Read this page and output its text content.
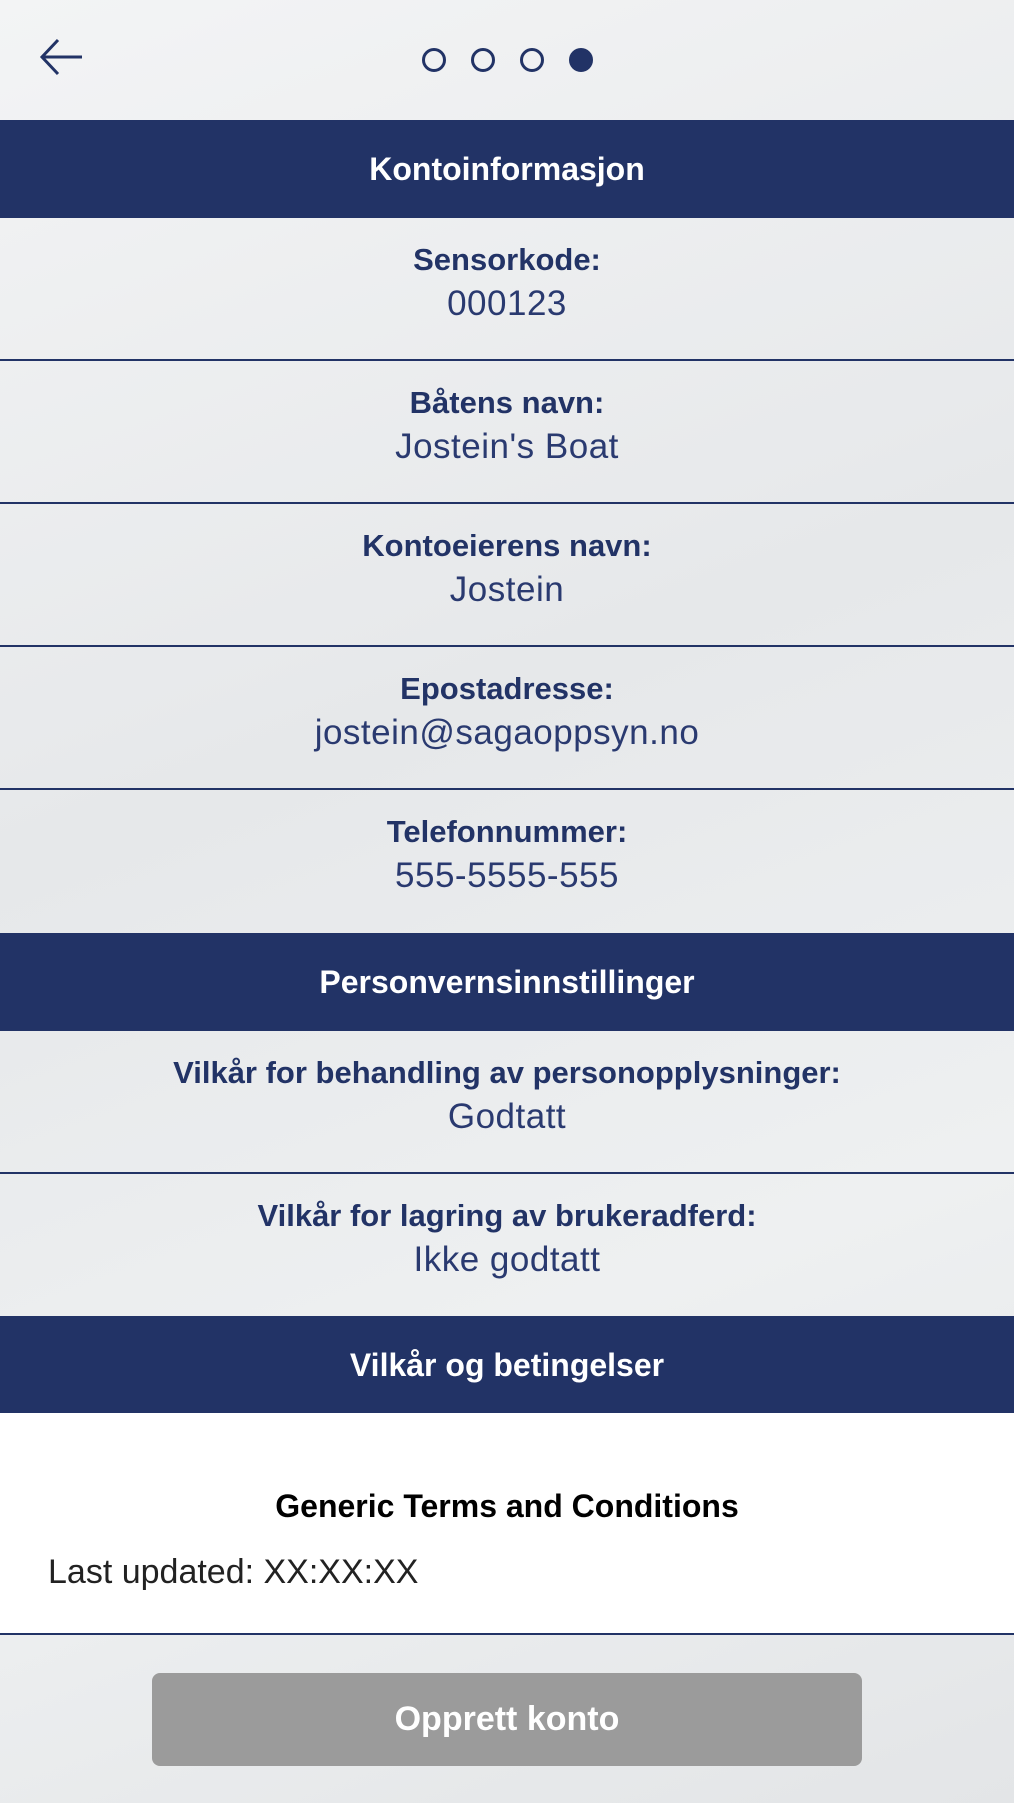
Kontoinformasjon
Sensorkode:
000123
Båtens navn:
Jostein's Boat
Kontoeierens navn:
Jostein
Epostadresse:
jostein@sagaoppsyn.no
Telefonnummer:
555-5555-555
Personvernsinnstillinger
Vilkår for behandling av personopplysninger:
Godtatt
Vilkår for lagring av brukeradferd:
Ikke godtatt
Vilkår og betingelser
Generic Terms and Conditions

Last updated: XX:XX:XX

Opprett konto
